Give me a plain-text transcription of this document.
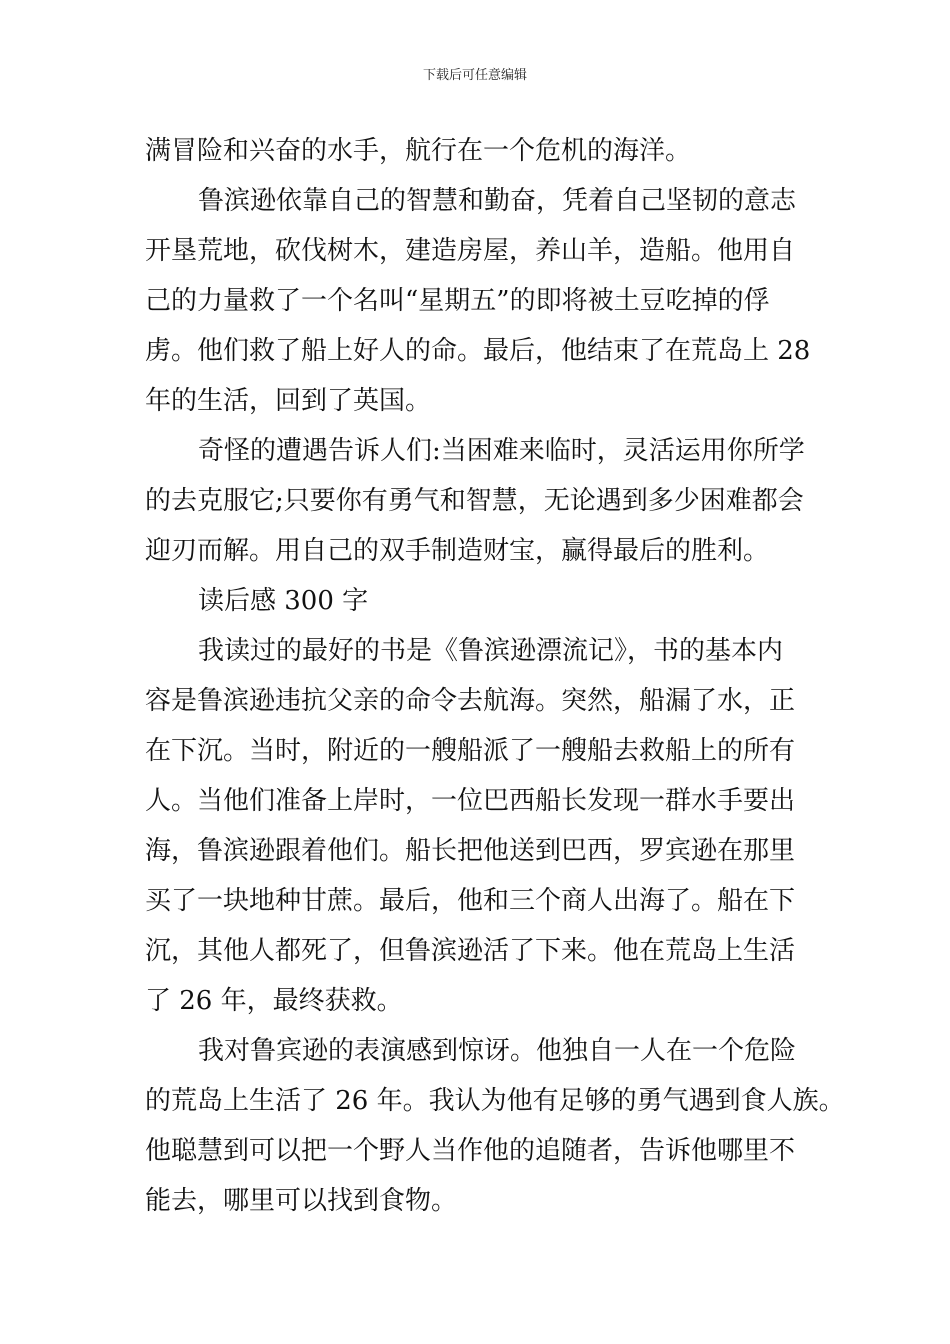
下载后可任意编辑
满冒险和兴奋的水手，航行在一个危机的海洋。
鲁滨逊依靠自己的智慧和勤奋，凭着自己坚韧的意志
开垦荒地，砍伐树木，建造房屋，养山羊，造船。他用自
己的力量救了一个名叫“星期五”的即将被土豆吃掉的俘
虏。他们救了船上好人的命。最后，他结束了在荒岛上 28
年的生活，回到了英国。
奇怪的遭遇告诉人们:当困难来临时，灵活运用你所学
的去克服它;只要你有勇气和智慧，无论遇到多少困难都会
迎刃而解。用自己的双手制造财宝，赢得最后的胜利。
读后感 300 字
我读过的最好的书是《鲁滨逊漂流记》，书的基本内
容是鲁滨逊违抗父亲的命令去航海。突然，船漏了水，正
在下沉。当时，附近的一艘船派了一艘船去救船上的所有
人。当他们准备上岸时，一位巴西船长发现一群水手要出
海，鲁滨逊跟着他们。船长把他送到巴西，罗宾逊在那里
买了一块地种甘蔗。最后，他和三个商人出海了。船在下
沉，其他人都死了，但鲁滨逊活了下来。他在荒岛上生活
了 26 年，最终获救。
我对鲁宾逊的表演感到惊讶。他独自一人在一个危险
的荒岛上生活了 26 年。我认为他有足够的勇气遇到食人族。
他聪慧到可以把一个野人当作他的追随者，告诉他哪里不
能去，哪里可以找到食物。
